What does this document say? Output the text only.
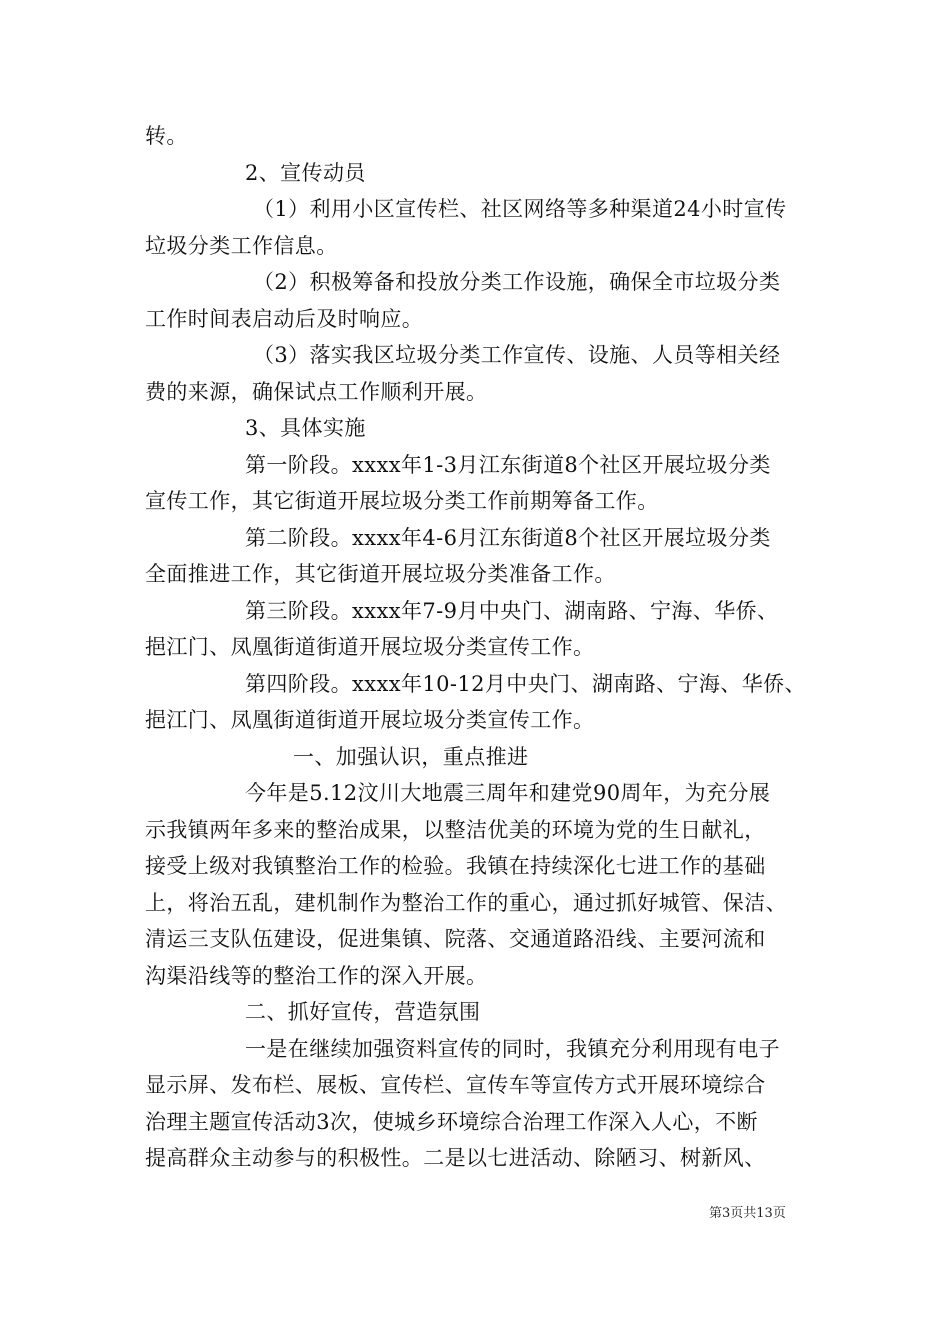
转。
2、宣传动员
（1）利用小区宣传栏、社区网络等多种渠道24小时宣传
垃圾分类工作信息。
（2）积极筹备和投放分类工作设施，确保全市垃圾分类
工作时间表启动后及时响应。
（3）落实我区垃圾分类工作宣传、设施、人员等相关经
费的来源，确保试点工作顺利开展。
3、具体实施
第一阶段。xxxx年1-3月江东街道8个社区开展垃圾分类
宣传工作，其它街道开展垃圾分类工作前期筹备工作。
第二阶段。xxxx年4-6月江东街道8个社区开展垃圾分类
全面推进工作，其它街道开展垃圾分类准备工作。
第三阶段。xxxx年7-9月中央门、湖南路、宁海、华侨、
挹江门、凤凰街道街道开展垃圾分类宣传工作。
第四阶段。xxxx年10-12月中央门、湖南路、宁海、华侨、
挹江门、凤凰街道街道开展垃圾分类宣传工作。
一、加强认识，重点推进
今年是5.12汶川大地震三周年和建党90周年，为充分展
示我镇两年多来的整治成果，以整洁优美的环境为党的生日献礼，
接受上级对我镇整治工作的检验。我镇在持续深化七进工作的基础
上，将治五乱，建机制作为整治工作的重心，通过抓好城管、保洁、
清运三支队伍建设，促进集镇、院落、交通道路沿线、主要河流和
沟渠沿线等的整治工作的深入开展。
二、抓好宣传，营造氛围
一是在继续加强资料宣传的同时，我镇充分利用现有电子
显示屏、发布栏、展板、宣传栏、宣传车等宣传方式开展环境综合
治理主题宣传活动3次，使城乡环境综合治理工作深入人心，不断
提高群众主动参与的积极性。二是以七进活动、除陋习、树新风、
第3页共13页
